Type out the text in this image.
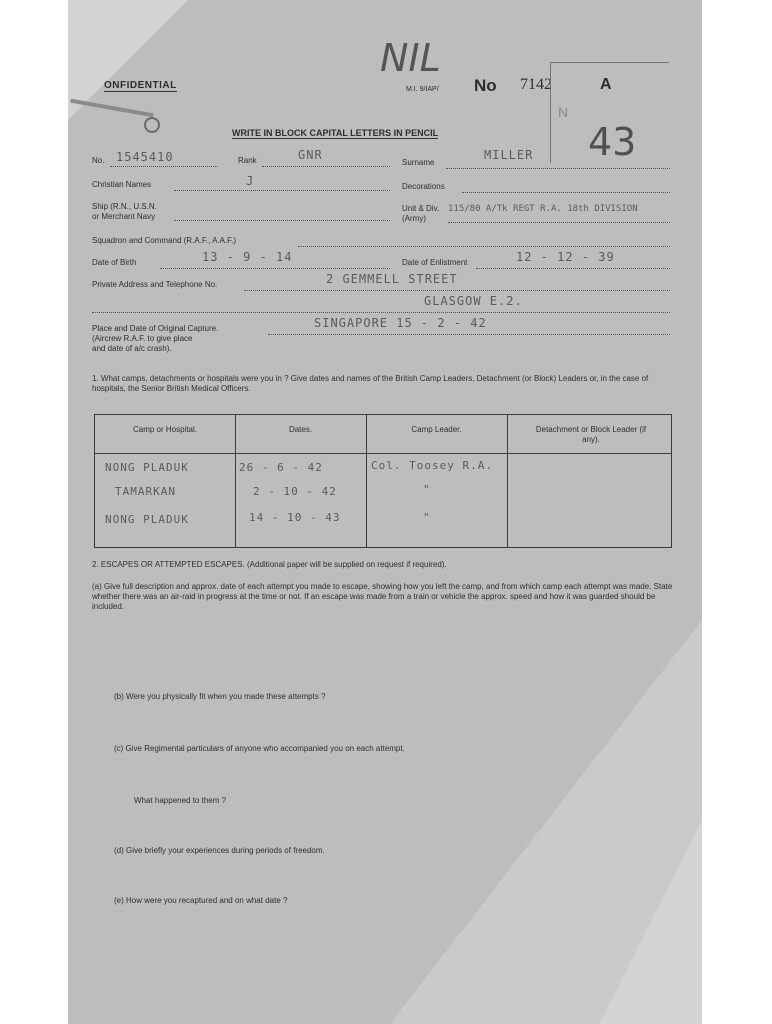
ONFIDENTIAL
NIL
M.I. 9/IAP/ No 7142	A
N
43
WRITE IN BLOCK CAPITAL LETTERS IN PENCIL
No. 1545410	Rank	GNR
Surname
MILLER
Christian Names	J	Decorations
Ship (R.N., U.S.N.
or Merchant Navy
Unit & Div.
(Army)
115/80 A/Tk REGT R.A. 18th DIVISION
Squadron and Command (R.A.F., A.A.F.)
Date of Birth	13 - 9 - 14	Date of Enlistment	12 - 12 - 39
Private Address and Telephone No.	2 GEMMELL STREET
GLASGOW E.2.
Place and Date of Original Capture.
(Aircrew R.A.F. to give place
and date of a/c crash).
SINGAPORE 15 - 2 - 42
1. What camps, detachments or hospitals were you in ? Give dates and names of the British Camp Leaders, Detachment (or Block) Leaders or, in the case of hospitals, the Senior British Medical Officers.
Camp or Hospital.	Dates.	Camp Leader.	Detachment or Block Leader (if any).
NONG PLADUK	26 - 6 - 42	Col. Toosey R.A.
TAMARKAN	2 - 10 - 42	"
NONG PLADUK	14 - 10 - 43	"
2. ESCAPES OR ATTEMPTED ESCAPES. (Additional paper will be supplied on request if required).
(a) Give full description and approx. date of each attempt you made to escape, showing how you left the camp, and from which camp each attempt was made. State whether there was an air-raid in progress at the time or not. If an escape was made from a train or vehicle the approx. speed and how it was guarded should be included.
(b) Were you physically fit when you made these attempts ?
(c) Give Regimental particulars of anyone who accompanied you on each attempt.
What happened to them ?
(d) Give briefly your experiences during periods of freedom.
(e) How were you recaptured and on what date ?
